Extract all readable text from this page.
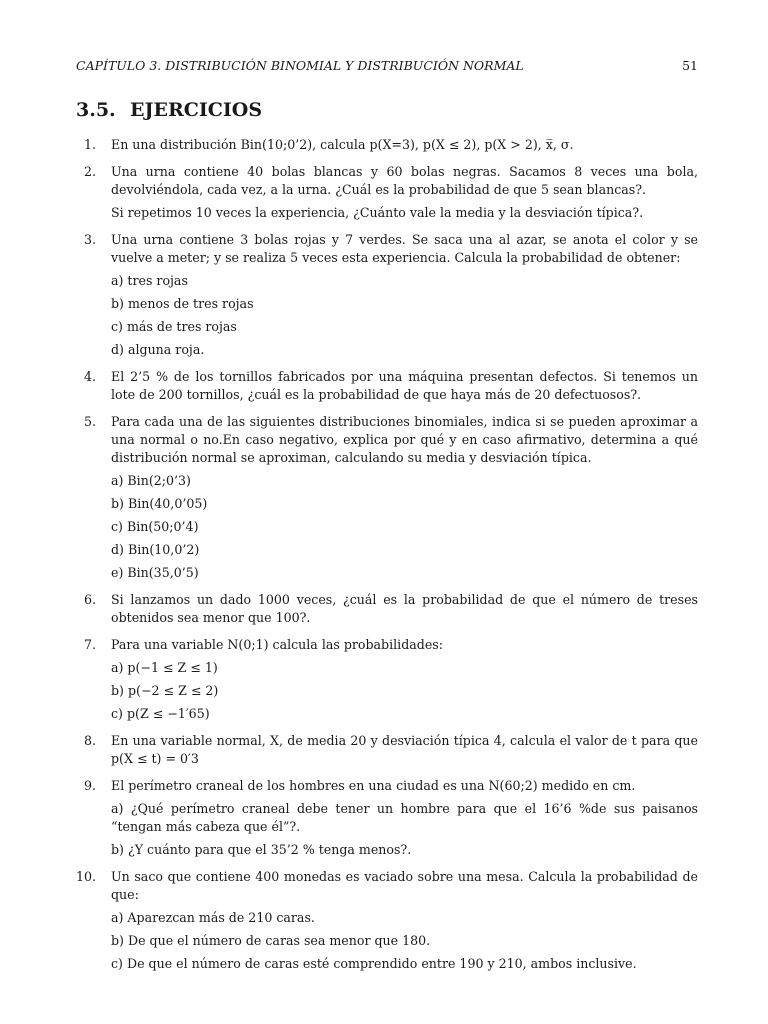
CAPÍTULO 3. DISTRIBUCIÓN BINOMIAL Y DISTRIBUCIÓN NORMAL	51
3.5. EJERCICIOS
1. En una distribución Bin(10;0’2), calcula p(X=3), p(X ≤ 2), p(X > 2), x̅, σ.

2. Una urna contiene 40 bolas blancas y 60 bolas negras. Sacamos 8 veces una bola, devolviéndola, cada vez, a la urna. ¿Cuál es la probabilidad de que 5 sean blancas?.

Si repetimos 10 veces la experiencia, ¿Cuánto vale la media y la desviación típica?.

3. Una urna contiene 3 bolas rojas y 7 verdes. Se saca una al azar, se anota el color y se vuelve a meter; y se realiza 5 veces esta experiencia. Calcula la probabilidad de obtener:

a) tres rojas

b) menos de tres rojas

c) más de tres rojas

d) alguna roja.

4. El 2’5 % de los tornillos fabricados por una máquina presentan defectos. Si tenemos un lote de 200 tornillos, ¿cuál es la probabilidad de que haya más de 20 defectuosos?.

5. Para cada una de las siguientes distribuciones binomiales, indica si se pueden aproximar a una normal o no.En caso negativo, explica por qué y en caso afirmativo, determina a qué distribución normal se aproximan, calculando su media y desviación típica.

a) Bin(2;0’3)

b) Bin(40,0’05)

c) Bin(50;0’4)

d) Bin(10,0’2)

e) Bin(35,0’5)

6. Si lanzamos un dado 1000 veces, ¿cuál es la probabilidad de que el número de treses obtenidos sea menor que 100?.

7. Para una variable N(0;1) calcula las probabilidades:

a) p(−1 ≤ Z ≤ 1)

b) p(−2 ≤ Z ≤ 2)

c) p(Z ≤ −1′65)

8. En una variable normal, X, de media 20 y desviación típica 4, calcula el valor de t para que p(X ≤ t) = 0′3

9. El perímetro craneal de los hombres en una ciudad es una N(60;2) medido en cm.

a) ¿Qué perímetro craneal debe tener un hombre para que el 16’6 %de sus paisanos “tengan más cabeza que él”?.

b) ¿Y cuánto para que el 35’2 % tenga menos?.

10. Un saco que contiene 400 monedas es vaciado sobre una mesa. Calcula la probabilidad de que:

a) Aparezcan más de 210 caras.

b) De que el número de caras sea menor que 180.

c) De que el número de caras esté comprendido entre 190 y 210, ambos inclusive.
